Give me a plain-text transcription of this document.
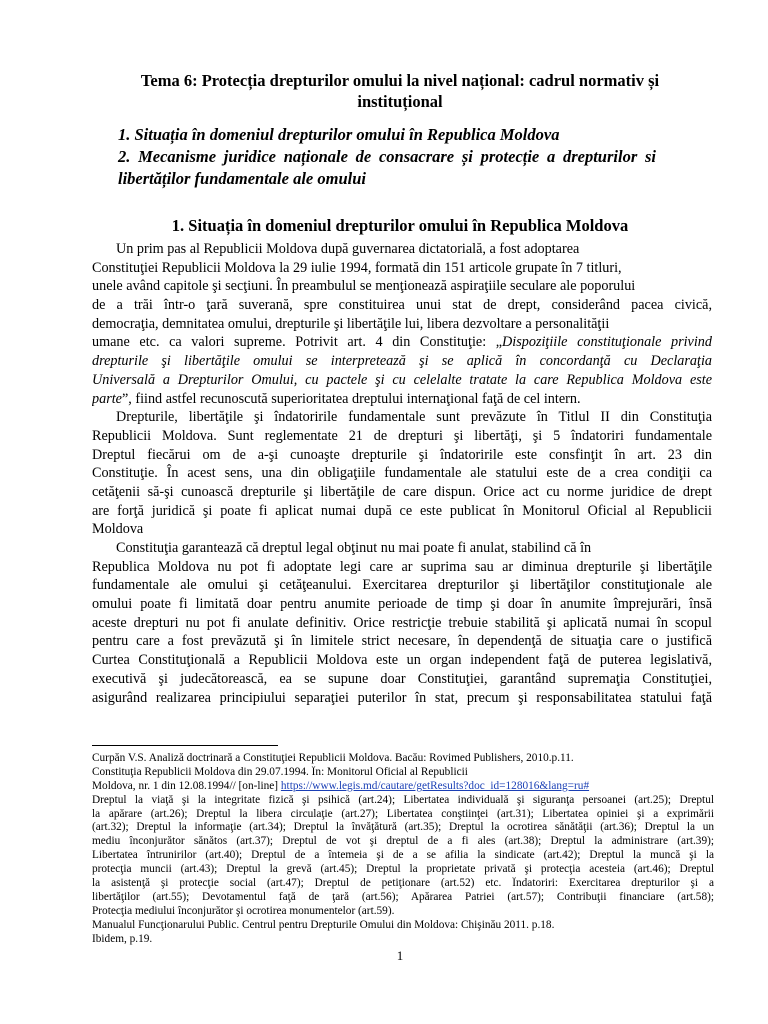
Tema 6: Protecția drepturilor omului la nivel național: cadrul normativ și
instituțional
1. Situația în domeniul drepturilor omului în Republica Moldova
2. Mecanisme juridice naționale de consacrare și protecție a drepturilor si libertăților fundamentale ale omului
1. Situația în domeniul drepturilor omului în Republica Moldova
Un prim pas al Republicii Moldova după guvernarea dictatorială, a fost adoptarea
Constituţiei Republicii Moldova la 29 iulie 1994, formată din 151 articole grupate în 7 titluri,
unele având capitole şi secţiuni. În preambulul se menţionează aspiraţiile seculare ale poporului
de a trăi într-o ţară suverană, spre constituirea unui stat de drept, considerând pacea civică,
democraţia, demnitatea omului, drepturile şi libertăţile lui, libera dezvoltare a personalităţii
umane etc. ca valori supreme. Potrivit art. 4 din Constituţie: „Dispoziţiile constituţionale privind
drepturile şi libertăţile omului se interpretează şi se aplică în concordanţă cu Declaraţia
Universală a Drepturilor Omului, cu pactele şi cu celelalte tratate la care Republica Moldova este
parte”, fiind astfel recunoscută superioritatea dreptului internaţional faţă de cel intern.
Drepturile, libertăţile şi îndatoririle fundamentale sunt prevăzute în Titlul II din Constituţia
Republicii Moldova. Sunt reglementate 21 de drepturi şi libertăţi, şi 5 îndatoriri fundamentale
Dreptul fiecărui om de a-şi cunoaşte drepturile şi îndatoririle este consfinţit în art. 23 din
Constituţie. În acest sens, una din obligaţiile fundamentale ale statului este de a crea condiţii ca
cetăţenii să-şi cunoască drepturile şi libertăţile de care dispun. Orice act cu norme juridice de drept
are forţă juridică şi poate fi aplicat numai după ce este publicat în Monitorul Oficial al Republicii
Moldova
Constituţia garantează că dreptul legal obţinut nu mai poate fi anulat, stabilind că în
Republica Moldova nu pot fi adoptate legi care ar suprima sau ar diminua drepturile şi libertăţile
fundamentale ale omului şi cetăţeanului. Exercitarea drepturilor şi libertăţilor constituţionale ale
omului poate fi limitată doar pentru anumite perioade de timp şi doar în anumite împrejurări, însă
aceste drepturi nu pot fi anulate definitiv. Orice restricţie trebuie stabilită şi aplicată numai în scopul
pentru care a fost prevăzută şi în limitele strict necesare, în dependenţă de situaţia care o justifică
Curtea Constituţională a Republicii Moldova este un organ independent faţă de puterea legislativă,
executivă şi judecătorească, ea se supune doar Constituţiei, garantând supremaţia Constituţiei,
asigurând realizarea principiului separaţiei puterilor în stat, precum şi responsabilitatea statului faţă
Curpăn V.S. Analiză doctrinară a Constituţiei Republicii Moldova. Bacău: Rovimed Publishers, 2010.p.11.
Constituţia Republicii Moldova din 29.07.1994. În: Monitorul Oficial al Republicii
Moldova, nr. 1 din 12.08.1994// [on-line] https://www.legis.md/cautare/getResults?doc_id=128016&lang=ru#
Dreptul la viaţă şi la integritate fizică şi psihică (art.24); Libertatea individuală şi siguranţa persoanei (art.25); Dreptul
la apărare (art.26); Dreptul la libera circulaţie (art.27); Libertatea conştiinţei (art.31); Libertatea opiniei şi a exprimării
(art.32); Dreptul la informaţie (art.34); Dreptul la învăţătură (art.35); Dreptul la ocrotirea sănătăţii (art.36); Dreptul la un
mediu înconjurător sănătos (art.37); Dreptul de vot şi dreptul de a fi ales (art.38); Dreptul la administrare (art.39);
Libertatea întrunirilor (art.40); Dreptul de a întemeia şi de a se afilia la sindicate (art.42); Dreptul la muncă şi la
protecţia muncii (art.43); Dreptul la grevă (art.45); Dreptul la proprietate privată şi protecţia acesteia (art.46); Dreptul
la asistenţă şi protecţie social (art.47); Dreptul de petiţionare (art.52) etc. Îndatoriri: Exercitarea drepturilor şi a
libertăţilor (art.55); Devotamentul faţă de ţară (art.56); Apărarea Patriei (art.57); Contribuţii financiare (art.58);
Protecţia mediului înconjurător şi ocrotirea monumentelor (art.59).
Manualul Funcţionarului Public. Centrul pentru Drepturile Omului din Moldova: Chişinău 2011. p.18.
Ibidem, p.19.
1
